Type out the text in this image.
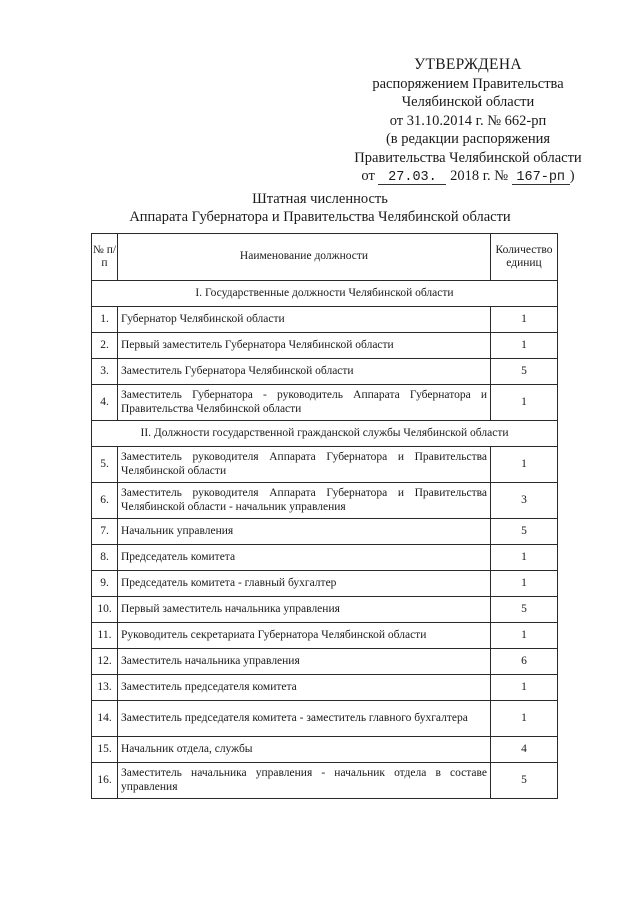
УТВЕРЖДЕНА
распоряжением Правительства
Челябинской области
от 31.10.2014 г. № 662-рп
(в редакции распоряжения
Правительства Челябинской области
от 27.03. 2018 г. № 167-рп )
Штатная численность
Аппарата Губернатора и Правительства Челябинской области
№ п/п	Наименование должности	Количество единиц
I. Государственные должности Челябинской области		
1.	Губернатор Челябинской области	1
2.	Первый заместитель Губернатора Челябинской области	1
3.	Заместитель Губернатора Челябинской области	5
4.	Заместитель Губернатора - руководитель Аппарата Губернатора и Правительства Челябинской области	1
II. Должности государственной гражданской службы Челябинской области		
5.	Заместитель руководителя Аппарата Губернатора и Правительства Челябинской области	1
6.	Заместитель руководителя Аппарата Губернатора и Правительства Челябинской области - начальник управления	3
7.	Начальник управления	5
8.	Председатель комитета	1
9.	Председатель комитета - главный бухгалтер	1
10.	Первый заместитель начальника управления	5
11.	Руководитель секретариата Губернатора Челябинской области	1
12.	Заместитель начальника управления	6
13.	Заместитель председателя комитета	1
14.	Заместитель председателя комитета - заместитель главного бухгалтера	1
15.	Начальник отдела, службы	4
16.	Заместитель начальника управления - начальник отдела в составе управления	5
